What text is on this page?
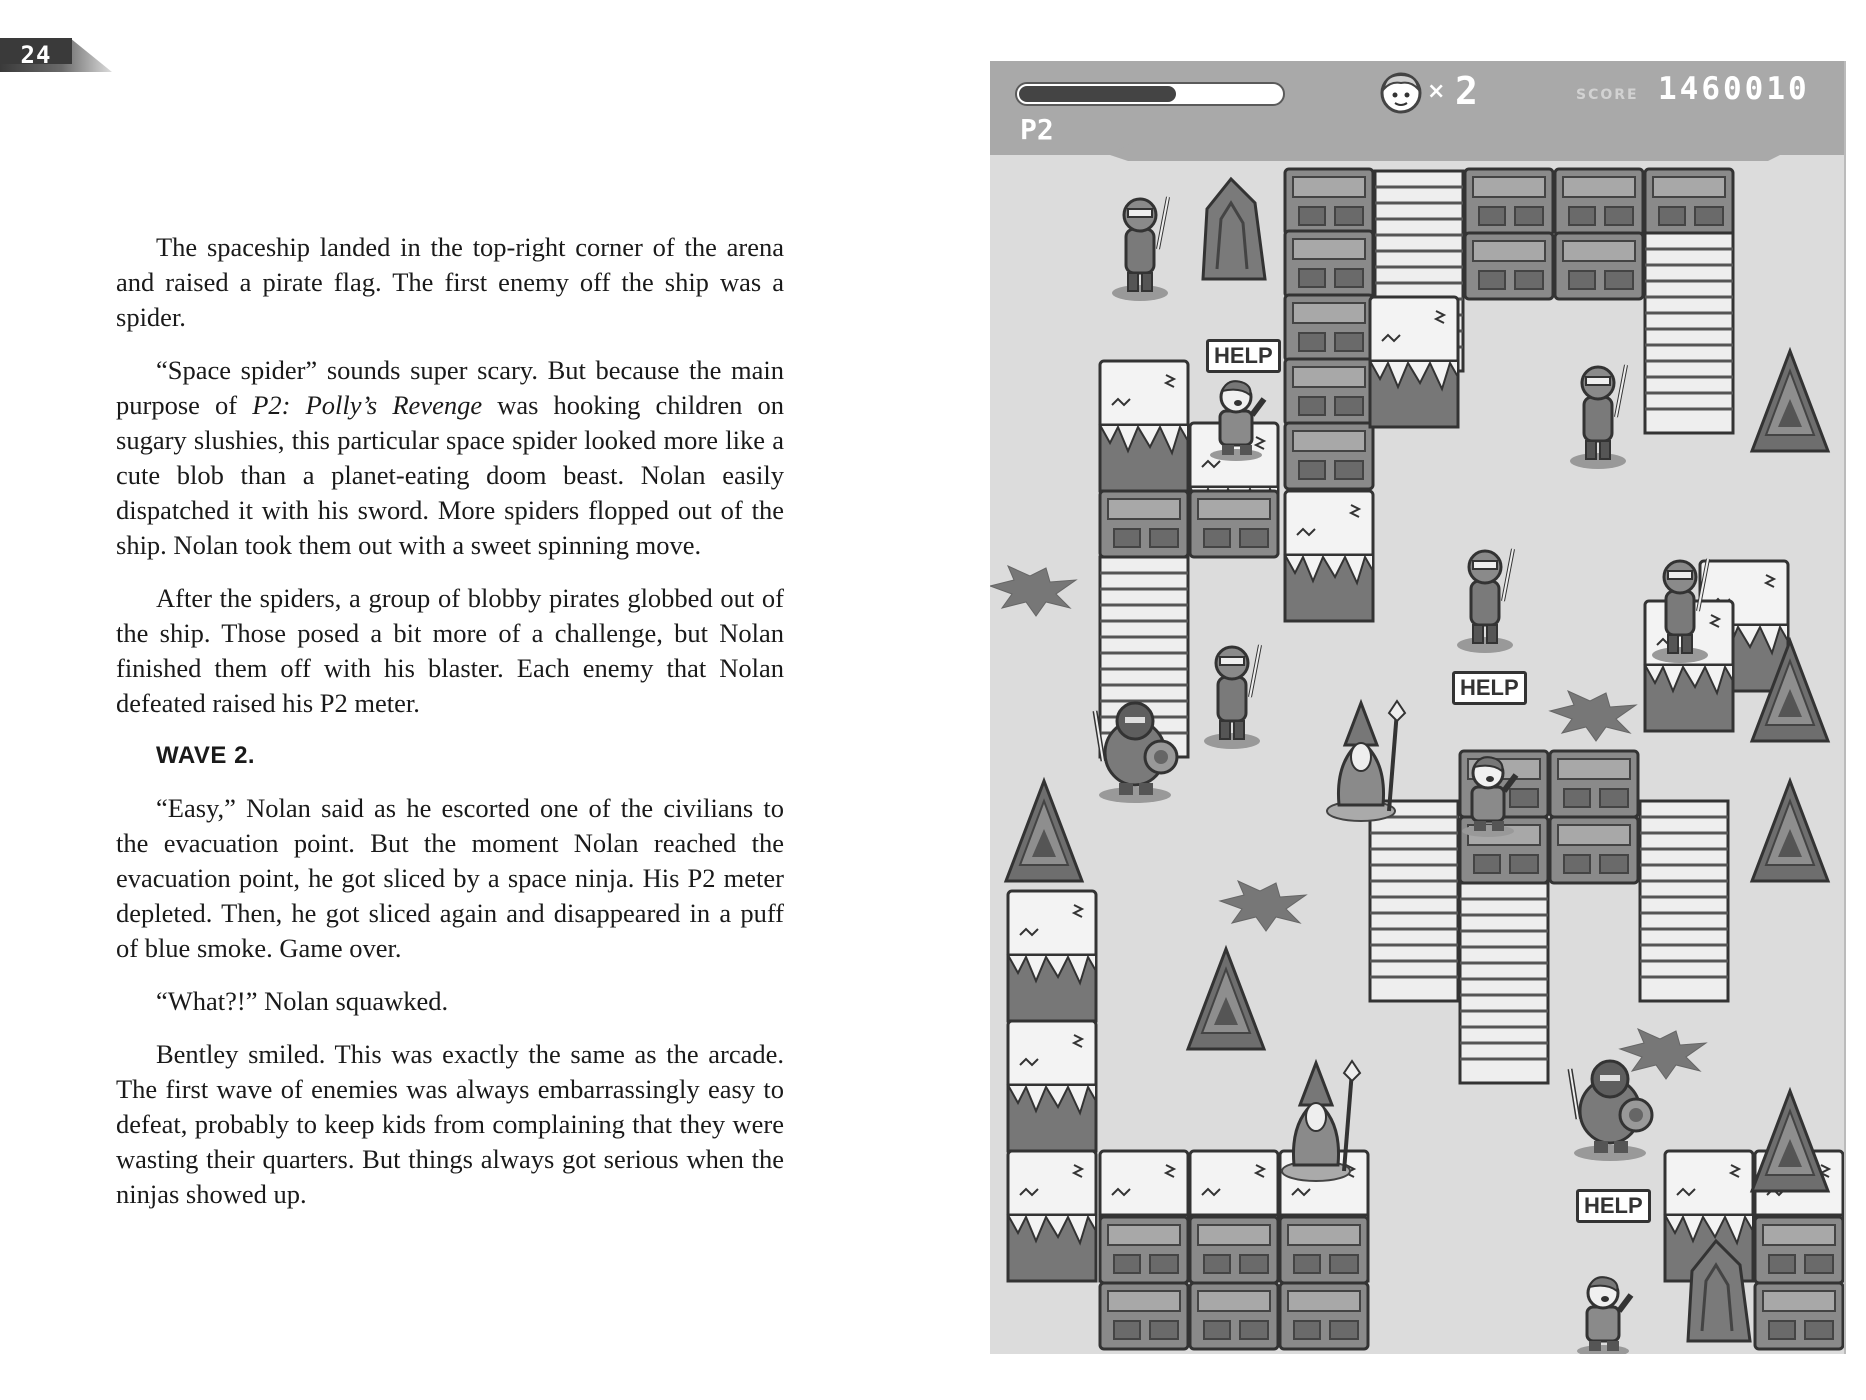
24

The spaceship landed in the top-right corner of the arena and raised a pirate flag. The first enemy off the ship was a spider.

“Space spider” sounds super scary. But because the main purpose of P2: Polly’s Revenge was hooking children on sugary slushies, this particular space spider looked more like a cute blob than a planet-eating doom beast. Nolan easily dispatched it with his sword. More spiders flopped out of the ship. Nolan took them out with a sweet spinning move.

After the spiders, a group of blobby pirates globbed out of the ship. Those posed a bit more of a challenge, but Nolan finished them off with his blaster. Each enemy that Nolan defeated raised his P2 meter.

WAVE 2.

“Easy,” Nolan said as he escorted one of the civilians to the evacuation point. But the moment Nolan reached the evacuation point, he got sliced by a space ninja. His P2 meter depleted. Then, he got sliced again and disappeared in a puff of blue smoke. Game over.

“What?!” Nolan squawked.

Bentley smiled. This was exactly the same as the arcade. The first wave of enemies was always embarrassingly easy to defeat, probably to keep kids from complaining that they were wasting their quarters. But things always got serious when the ninjas showed up.

P2
× 2	SCORE 1460010
HELP
HELP
HELP
